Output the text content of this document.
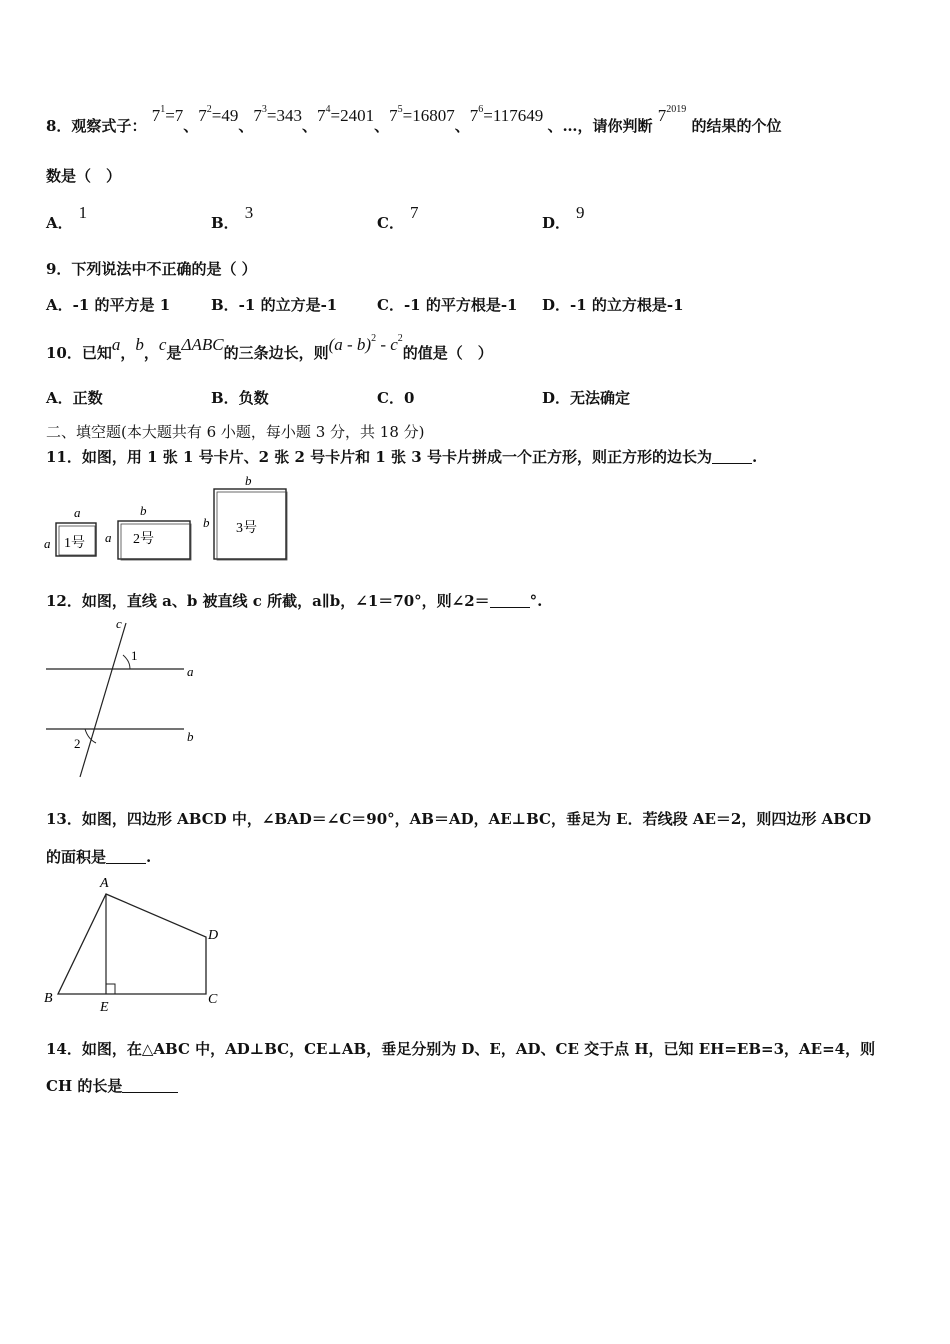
8．观察式子： $7^1=7$、$7^2=49$、$7^3=343$、$7^4=2401$、$7^5=16807$、$7^6=117649$ 、…，请你判断 $7^{2019}$ 的结果的个位
数是（　）
A．1
B．3
C．7
D．9
9．下列说法中不正确的是（ ）
A．-1 的平方是 1	B．-1 的立方是-1	C．-1 的平方根是-1 D．-1 的立方根是-1
10．已知a，b，c是ΔABC的三条边长，则$(a - b)^2 - c^2$的值是（　）
A．正数	B．负数	C．0	D．无法确定
二、填空题(本大题共有 6 小题，每小题 3 分，共 18 分)
11．如图，用 1 张 1 号卡片、2 张 2 号卡片和 1 张 3 号卡片拼成一个正方形，则正方形的边长为	.
1号
a
a	2号
b
a
3号
b
b
12．如图，直线 a、b 被直线 c 所截，a∥b，∠1＝70°，则∠2＝	°.
c
a
b
1
2
13．如图，四边形 ABCD 中，∠BAD＝∠C＝90°，AB＝AD，AE⊥BC，垂足为 E．若线段 AE＝2，则四边形 ABCD
的面积是	.
A
B	C
D
E
14．如图，在△ABC 中，AD⊥BC，CE⊥AB，垂足分别为 D、E，AD、CE 交于点 H，已知 EH=EB=3，AE=4，则
CH 的长是
